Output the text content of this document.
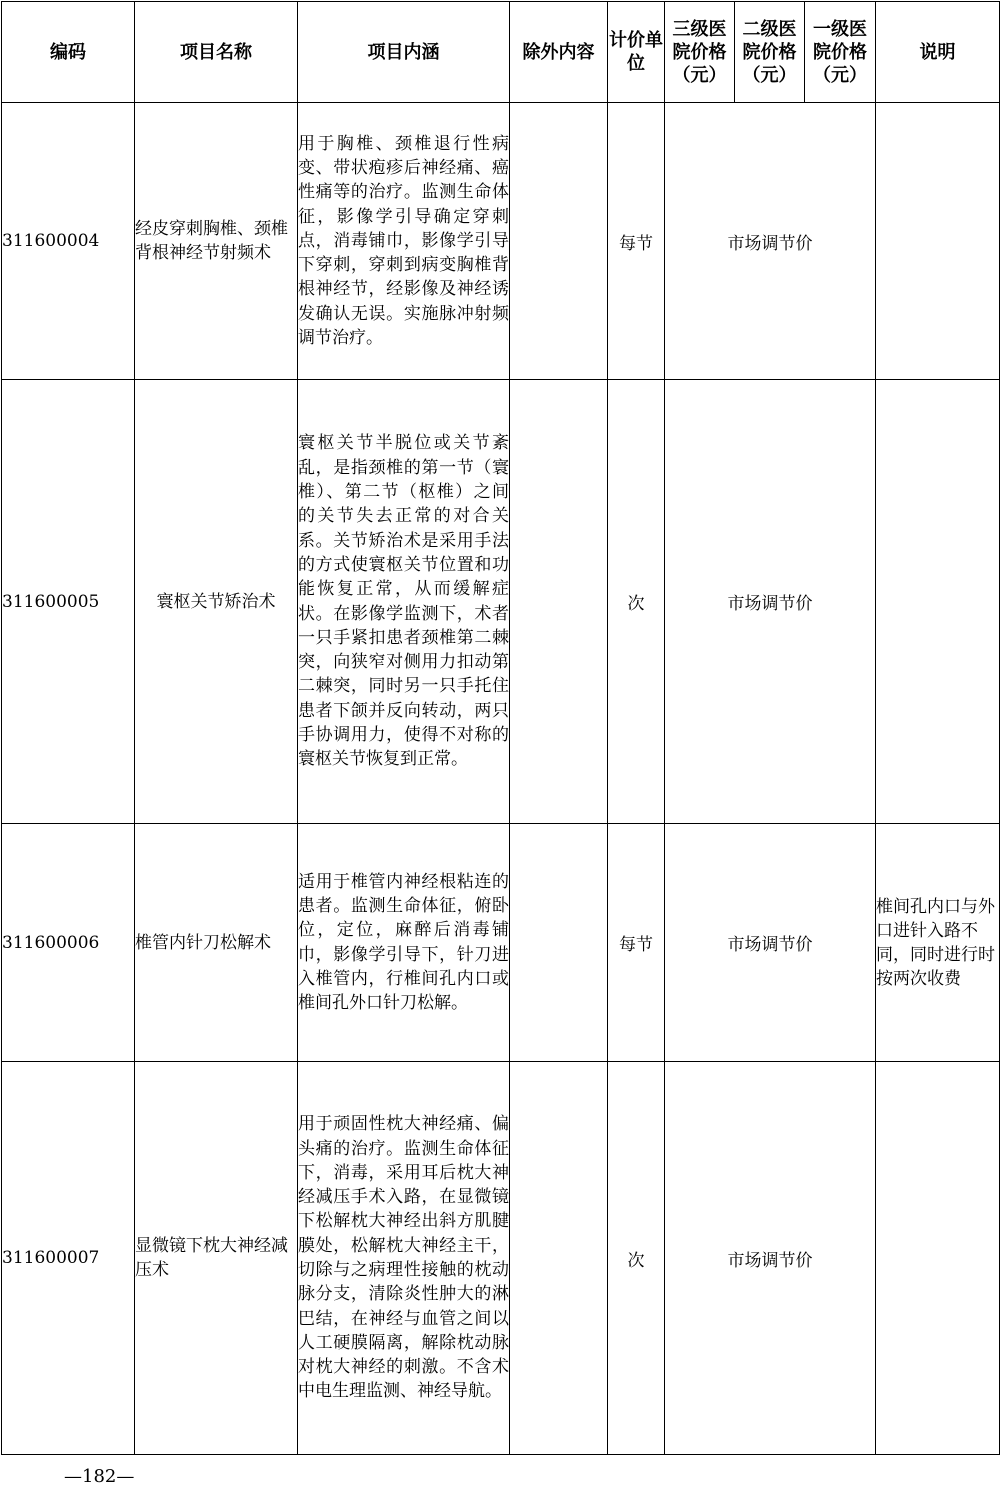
编码	项目名称	项目内涵	除外内容	计价单位	三级医院价格（元）	二级医院价格（元）	一级医院价格（元）	说明
311600004	经皮穿刺胸椎、颈椎背根神经节射频术	用于胸椎、颈椎退行性病变、带状疱疹后神经痛、癌性痛等的治疗。监测生命体征，影像学引导确定穿刺点，消毒铺巾，影像学引导下穿刺，穿刺到病变胸椎背根神经节，经影像及神经诱发确认无误。实施脉冲射频调节治疗。		每节	市场调节价			
311600005	寰枢关节矫治术	寰枢关节半脱位或关节紊乱，是指颈椎的第一节（寰椎）、第二节（枢椎）之间的关节失去正常的对合关系。关节矫治术是采用手法的方式使寰枢关节位置和功能恢复正常，从而缓解症状。在影像学监测下，术者一只手紧扣患者颈椎第二棘突，向狭窄对侧用力扣动第二棘突，同时另一只手托住患者下颌并反向转动，两只手协调用力，使得不对称的寰枢关节恢复到正常。		次	市场调节价			
311600006	椎管内针刀松解术	适用于椎管内神经根粘连的患者。监测生命体征，俯卧位，定位，麻醉后消毒铺巾，影像学引导下，针刀进入椎管内，行椎间孔内口或椎间孔外口针刀松解。		每节	市场调节价			椎间孔内口与外口进针入路不同，同时进行时按两次收费
311600007	显微镜下枕大神经减压术	用于顽固性枕大神经痛、偏头痛的治疗。监测生命体征下，消毒，采用耳后枕大神经减压手术入路，在显微镜下松解枕大神经出斜方肌腱膜处，松解枕大神经主干，切除与之病理性接触的枕动脉分支，清除炎性肿大的淋巴结，在神经与血管之间以人工硬膜隔离，解除枕动脉对枕大神经的刺激。不含术中电生理监测、神经导航。		次	市场调节价			
—182—
